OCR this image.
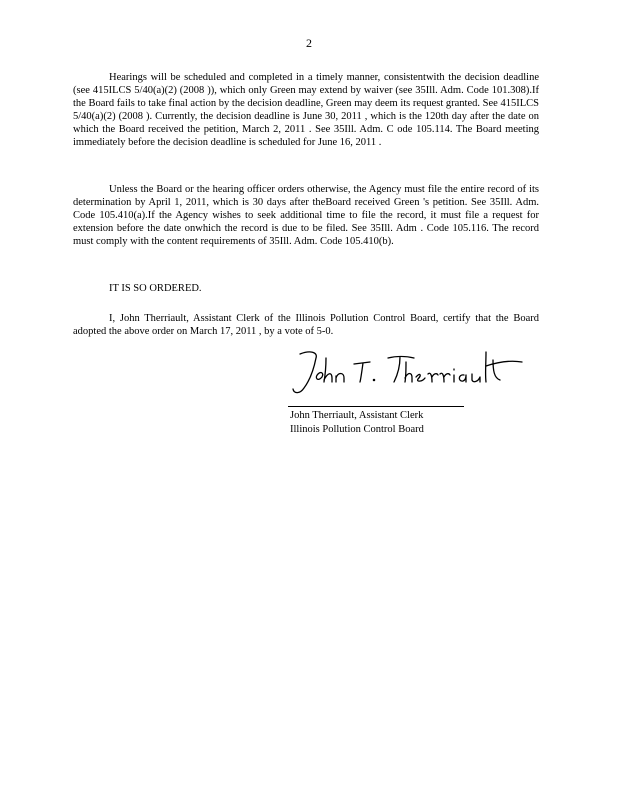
2

Hearings will be scheduled and completed in a timely manner, consistentwith the decision deadline (see 415ILCS 5/40(a)(2) (2008 )), which only Green may extend by waiver (see 35Ill. Adm. Code 101.308).If the Board fails to take final action by the decision deadline, Green may deem its request granted. See 415ILCS 5/40(a)(2) (2008 ). Currently, the decision deadline is June 30, 2011 , which is the 120th day after the date on which the Board received the petition, March 2, 2011 . See 35Ill. Adm. C ode 105.114. The Board meeting immediately before the decision deadline is scheduled for June 16, 2011 .

Unless the Board or the hearing officer orders otherwise, the Agency must file the entire record of its determination by April 1, 2011, which is 30 days after theBoard received Green 's petition. See 35Ill. Adm. Code 105.410(a).If the Agency wishes to seek additional time to file the record, it must file a request for extension before the date onwhich the record is due to be filed. See 35Ill. Adm . Code 105.116. The record must comply with the content requirements of 35Ill. Adm. Code 105.410(b).

IT IS SO ORDERED.

I, John Therriault, Assistant Clerk of the Illinois Pollution Control Board, certify that the Board adopted the above order on March 17, 2011 , by a vote of 5-0.

John Therriault, Assistant Clerk
Illinois Pollution Control Board
